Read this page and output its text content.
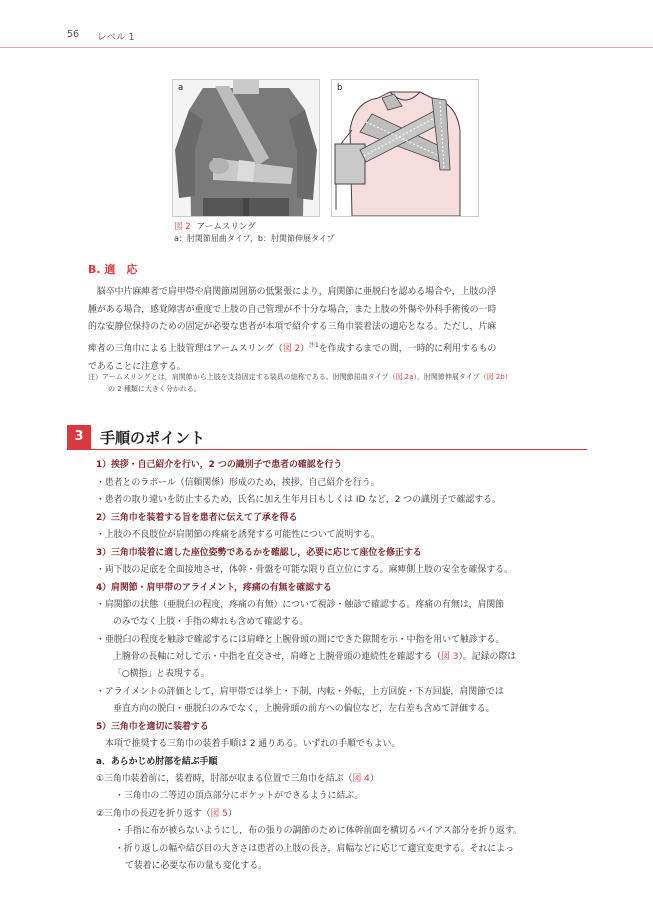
56 レベル 1
a	b
図 2 アームスリング
a：肘関節屈曲タイプ，b：肘関節伸展タイプ
B. 適　応

脳卒中片麻痺者で肩甲帯や肩関節周囲筋の低緊張により，肩関節に亜脱臼を認める場合や，上肢の浮

腫がある場合，感覚障害が重度で上肢の自己管理が不十分な場合，また上肢の外傷や外科手術後の一時

的な安静位保持のための固定が必要な患者が本項で紹介する三角巾装着法の適応となる。ただし，片麻

痺者の三角巾による上肢管理はアームスリング（図 2）$^{注1}$を作成するまでの間，一時的に利用するもの

であることに注意する。

注）アームスリングとは，肩関節から上肢を支持固定する装具の総称である。肘関節屈曲タイプ（図 2a），肘関節伸展タイプ（図 2b）
の 2 種類に大きく分かれる。
3	手順のポイント
1）挨拶・自己紹介を行い，2 つの識別子で患者の確認を行う
・患者とのラポール（信頼関係）形成のため，挨拶，自己紹介を行う。
・患者の取り違いを防止するため，氏名に加え生年月日もしくは ID など，2 つの識別子で確認する。
2）三角巾を装着する旨を患者に伝えて了承を得る
・上肢の不良肢位が肩関節の疼痛を誘発する可能性について説明する。
3）三角巾装着に適した座位姿勢であるかを確認し，必要に応じて座位を修正する
・両下肢の足底を全面接地させ，体幹・骨盤を可能な限り直立位にする。麻痺側上肢の安全を確保する。
4）肩関節・肩甲帯のアライメント，疼痛の有無を確認する
・肩関節の状態（亜脱臼の程度，疼痛の有無）について視診・触診で確認する。疼痛の有無は，肩関節
のみでなく上肢・手指の痺れも含めて確認する。
・亜脱臼の程度を触診で確認するには肩峰と上腕骨頭の間にできた隙間を示・中指を用いて触診する。
上腕骨の長軸に対して示・中指を直交させ，肩峰と上腕骨頭の連続性を確認する（図 3）。記録の際は
「○横指」と表現する。
・アライメントの評価として，肩甲帯では挙上・下制，内転・外転，上方回旋・下方回旋，肩関節では
垂直方向の脱臼・亜脱臼のみでなく，上腕骨頭の前方への偏位など，左右差も含めて評価する。
5）三角巾を適切に装着する
本項で推奨する三角巾の装着手順は 2 通りある。いずれの手順でもよい。
a．あらかじめ肘部を結ぶ手順
①三角巾装着前に，装着時，肘部が収まる位置で三角巾を結ぶ（図 4）
・三角巾の二等辺の頂点部分にポケットができるように結ぶ。
②三角巾の長辺を折り返す（図 5）
・手指に布が被らないようにし，布の張りの調節のために体幹前面を横切るバイアス部分を折り返す。
・折り返しの幅や結び目の大きさは患者の上肢の長さ，肩幅などに応じて適宜変更する。それによっ
て装着に必要な布の量も変化する。
